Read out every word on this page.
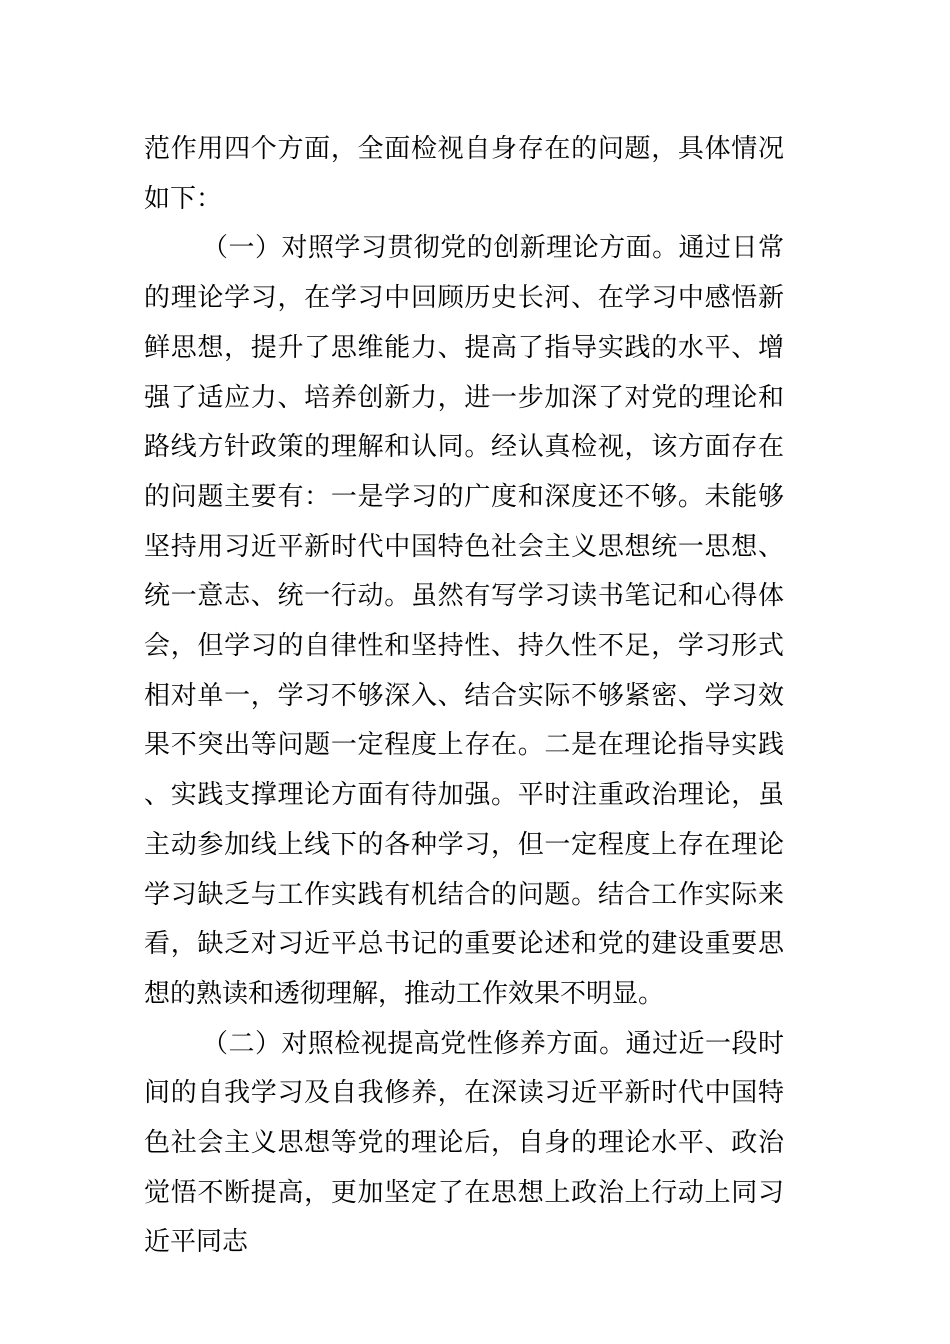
范作用四个方面，全面检视自身存在的问题，具体情况如下：

（一）对照学习贯彻党的创新理论方面。通过日常的理论学习，在学习中回顾历史长河、在学习中感悟新鲜思想，提升了思维能力、提高了指导实践的水平、增强了适应力、培养创新力，进一步加深了对党的理论和路线方针政策的理解和认同。经认真检视，该方面存在的问题主要有：一是学习的广度和深度还不够。未能够坚持用习近平新时代中国特色社会主义思想统一思想、统一意志、统一行动。虽然有写学习读书笔记和心得体会，但学习的自律性和坚持性、持久性不足，学习形式相对单一，学习不够深入、结合实际不够紧密、学习效果不突出等问题一定程度上存在。二是在理论指导实践、实践支撑理论方面有待加强。平时注重政治理论，虽主动参加线上线下的各种学习，但一定程度上存在理论学习缺乏与工作实践有机结合的问题。结合工作实际来看，缺乏对习近平总书记的重要论述和党的建设重要思想的熟读和透彻理解，推动工作效果不明显。

（二）对照检视提高党性修养方面。通过近一段时间的自我学习及自我修养，在深读习近平新时代中国特色社会主义思想等党的理论后，自身的理论水平、政治觉悟不断提高，更加坚定了在思想上政治上行动上同习近平同志
